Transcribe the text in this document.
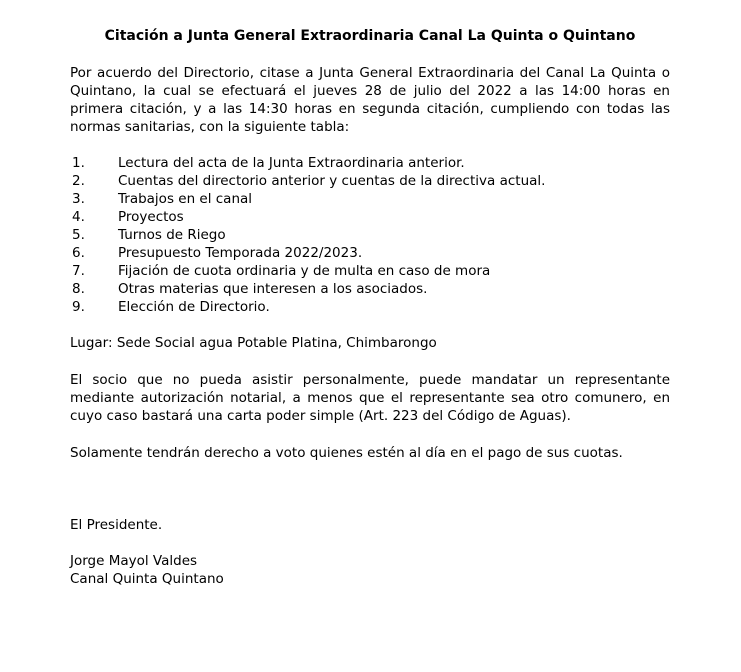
Citación a Junta General Extraordinaria Canal La Quinta o Quintano
Por acuerdo del Directorio, citase a Junta General Extraordinaria del Canal La Quinta o Quintano, la cual se efectuará el jueves 28 de julio del 2022 a las 14:00 horas en primera citación, y a las 14:30 horas en segunda citación, cumpliendo con todas las normas sanitarias, con la siguiente tabla:
1.	Lectura del acta de la Junta Extraordinaria anterior.
2.	Cuentas del directorio anterior y cuentas de la directiva actual.
3.	Trabajos en el canal
4.	Proyectos
5.	Turnos de Riego
6.	Presupuesto Temporada 2022/2023.
7.	Fijación de cuota ordinaria y de multa en caso de mora
8.	Otras materias que interesen a los asociados.
9.	Elección de Directorio.
Lugar: Sede Social agua Potable Platina, Chimbarongo
El socio que no pueda asistir personalmente, puede mandatar un representante mediante autorización notarial, a menos que el representante sea otro comunero, en cuyo caso bastará una carta poder simple (Art. 223 del Código de Aguas).
Solamente tendrán derecho a voto quienes estén al día en el pago de sus cuotas.
El Presidente.
Jorge Mayol Valdes
Canal Quinta Quintano
